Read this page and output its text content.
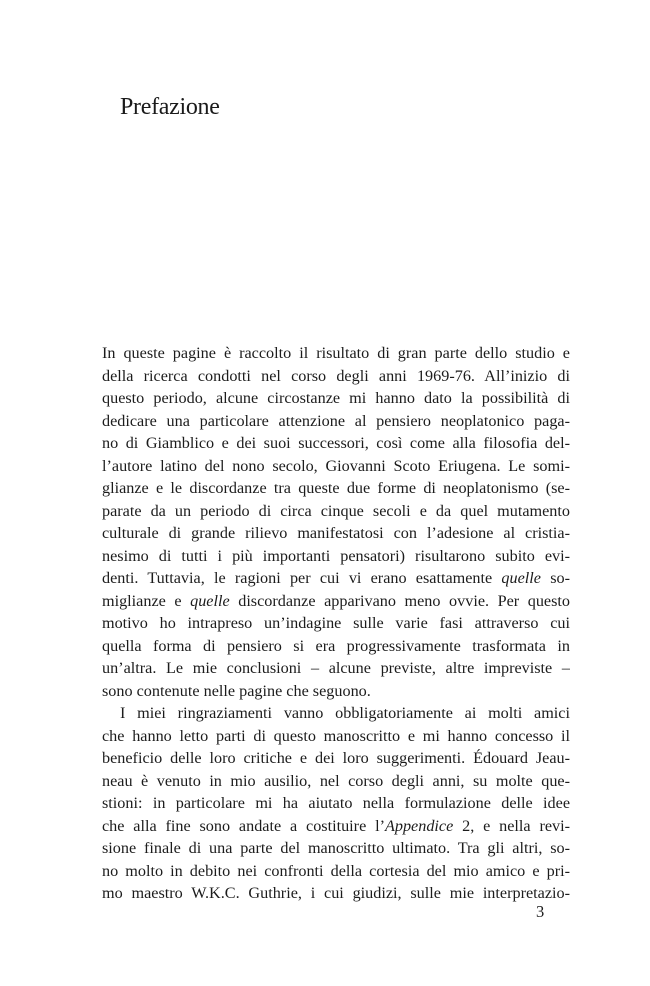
Prefazione
In queste pagine è raccolto il risultato di gran parte dello studio e
della ricerca condotti nel corso degli anni 1969-76. All’inizio di
questo periodo, alcune circostanze mi hanno dato la possibilità di
dedicare una particolare attenzione al pensiero neoplatonico paga-
no di Giamblico e dei suoi successori, così come alla filosofia del-
l’autore latino del nono secolo, Giovanni Scoto Eriugena. Le somi-
glianze e le discordanze tra queste due forme di neoplatonismo (se-
parate da un periodo di circa cinque secoli e da quel mutamento
culturale di grande rilievo manifestatosi con l’adesione al cristia-
nesimo di tutti i più importanti pensatori) risultarono subito evi-
denti. Tuttavia, le ragioni per cui vi erano esattamente quelle so-
miglianze e quelle discordanze apparivano meno ovvie. Per questo
motivo ho intrapreso un’indagine sulle varie fasi attraverso cui
quella forma di pensiero si era progressivamente trasformata in
un’altra. Le mie conclusioni – alcune previste, altre impreviste –
sono contenute nelle pagine che seguono.
I miei ringraziamenti vanno obbligatoriamente ai molti amici
che hanno letto parti di questo manoscritto e mi hanno concesso il
beneficio delle loro critiche e dei loro suggerimenti. Édouard Jeau-
neau è venuto in mio ausilio, nel corso degli anni, su molte que-
stioni: in particolare mi ha aiutato nella formulazione delle idee
che alla fine sono andate a costituire l’Appendice 2, e nella revi-
sione finale di una parte del manoscritto ultimato. Tra gli altri, so-
no molto in debito nei confronti della cortesia del mio amico e pri-
mo maestro W.K.C. Guthrie, i cui giudizi, sulle mie interpretazio-

3
